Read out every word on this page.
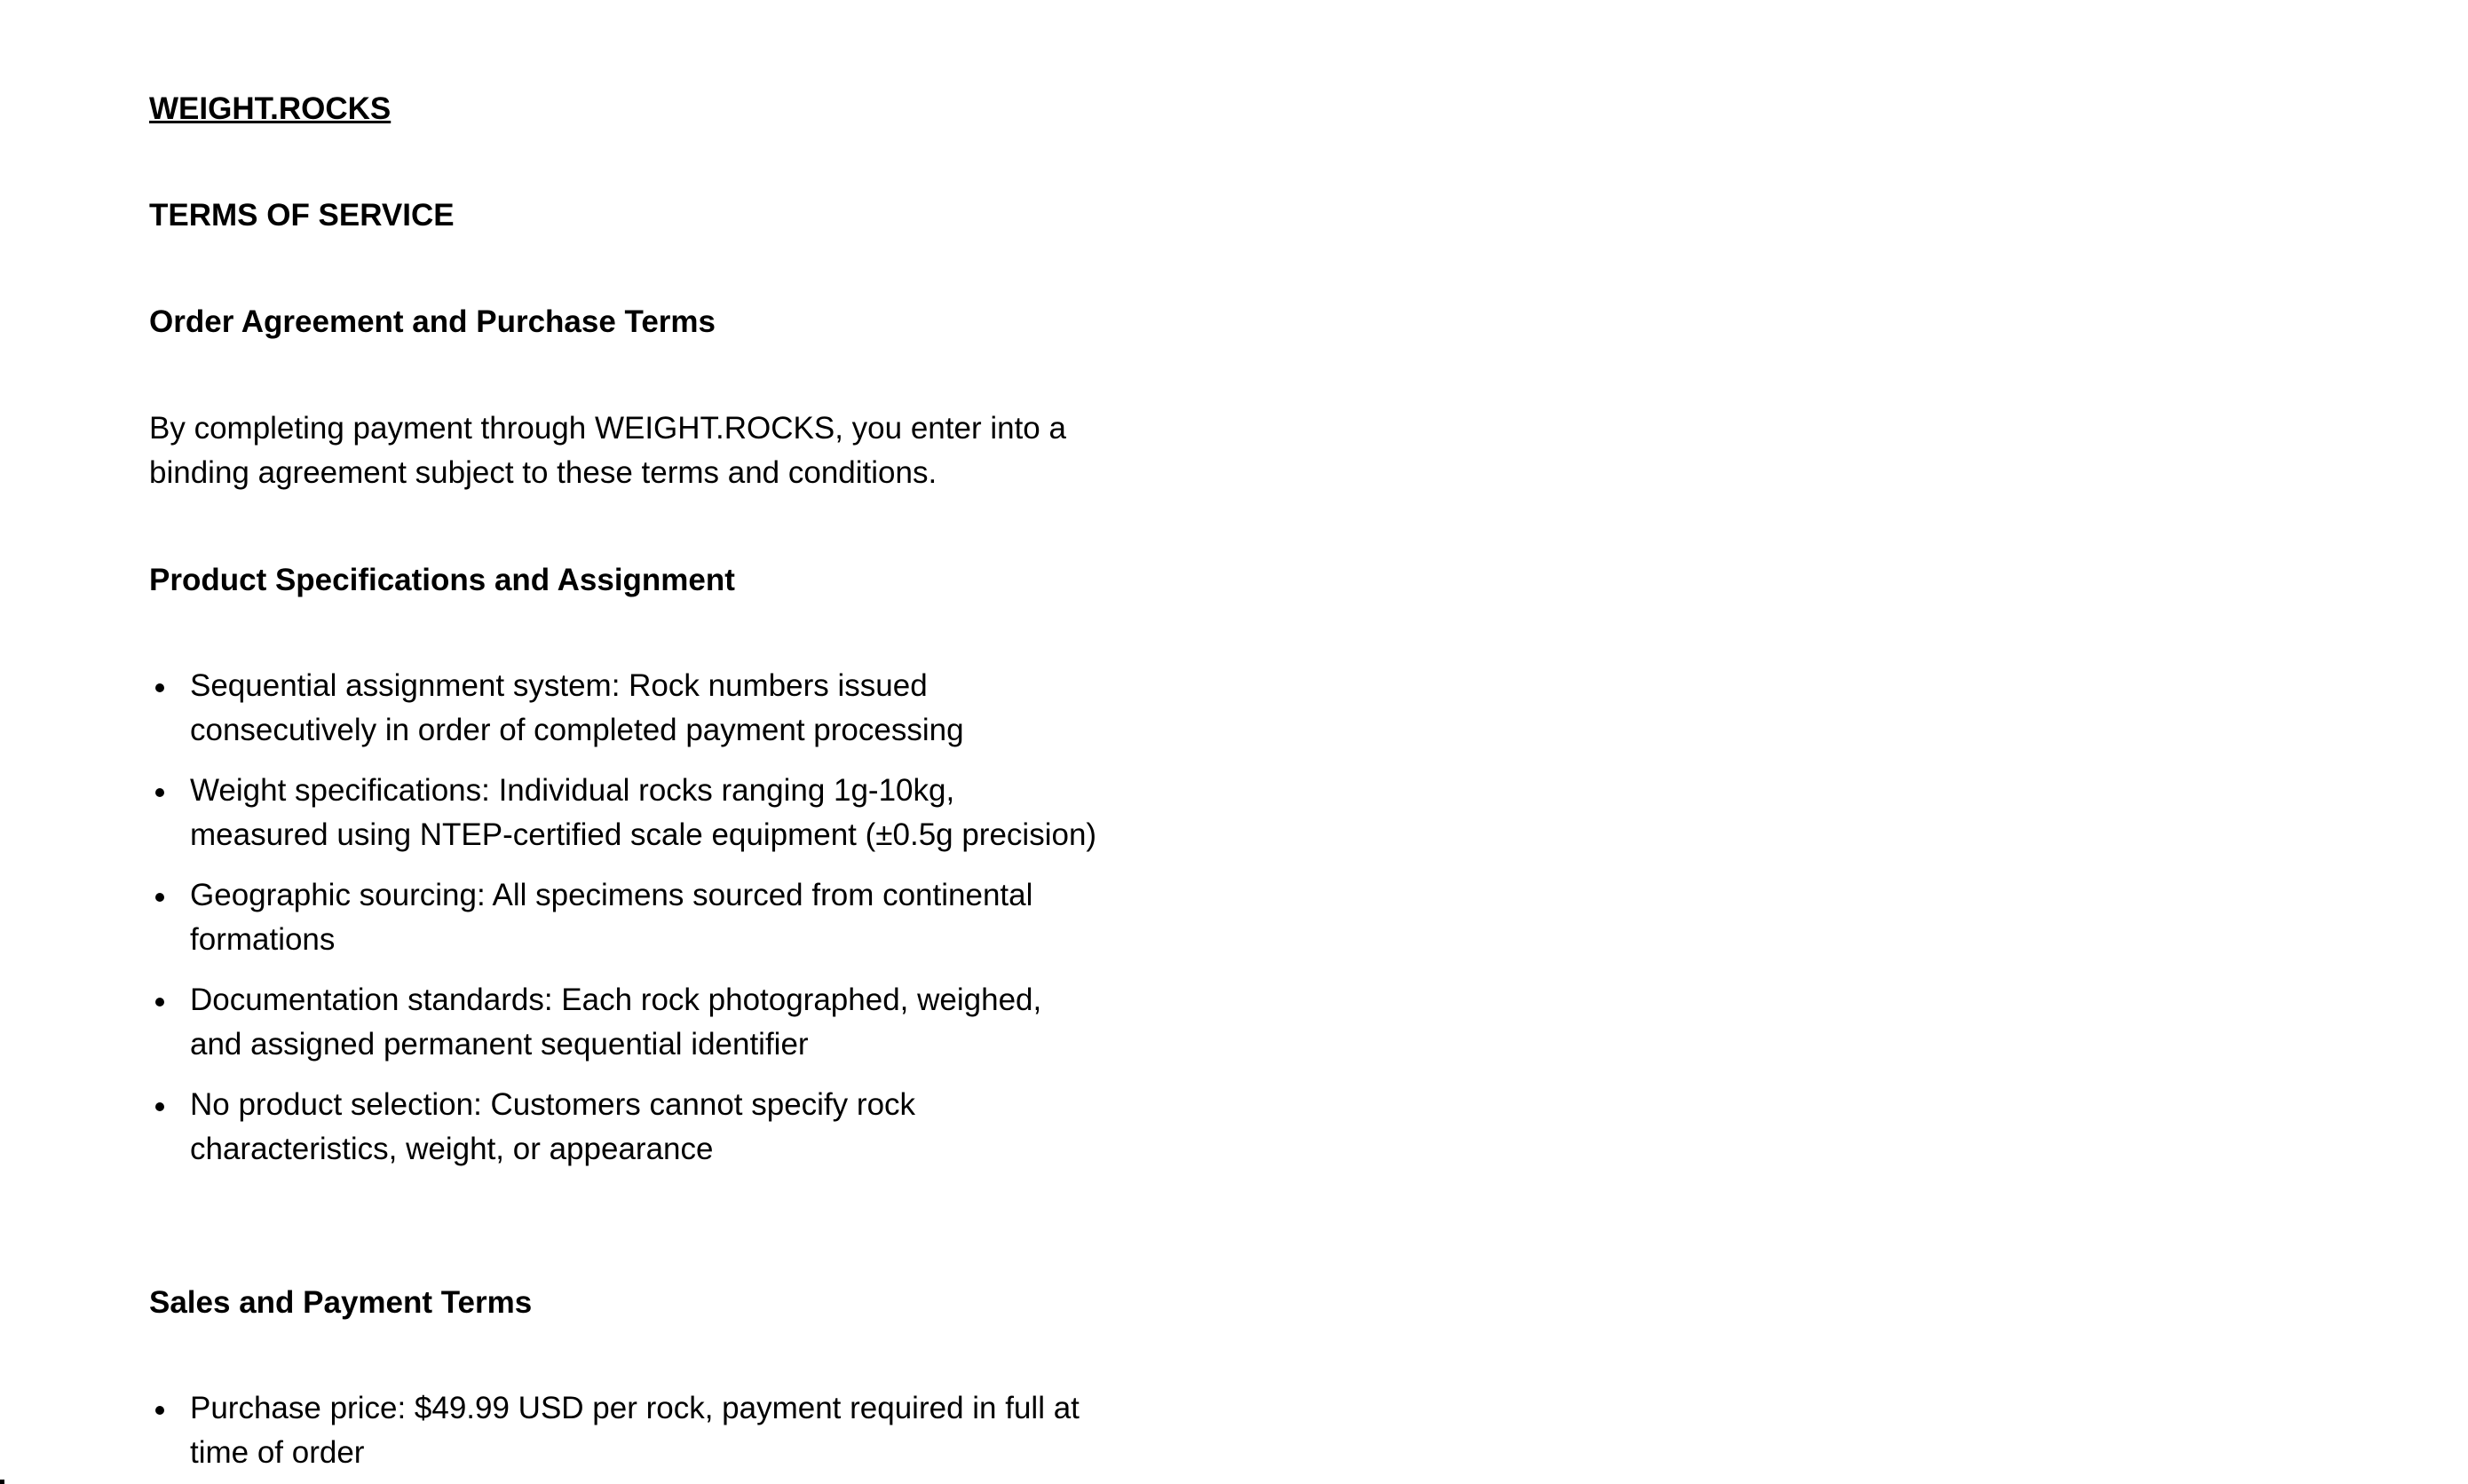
WEIGHT.ROCKS
TERMS OF SERVICE
Order Agreement and Purchase Terms
By completing payment through WEIGHT.ROCKS, you enter into a binding agreement subject to these terms and conditions.
Product Specifications and Assignment
Sequential assignment system: Rock numbers issued consecutively in order of completed payment processing
Weight specifications: Individual rocks ranging 1g-10kg, measured using NTEP-certified scale equipment (±0.5g precision)
Geographic sourcing: All specimens sourced from continental formations
Documentation standards: Each rock photographed, weighed, and assigned permanent sequential identifier
No product selection: Customers cannot specify rock characteristics, weight, or appearance
Sales and Payment Terms
Purchase price: $49.99 USD per rock, payment required in full at time of order
